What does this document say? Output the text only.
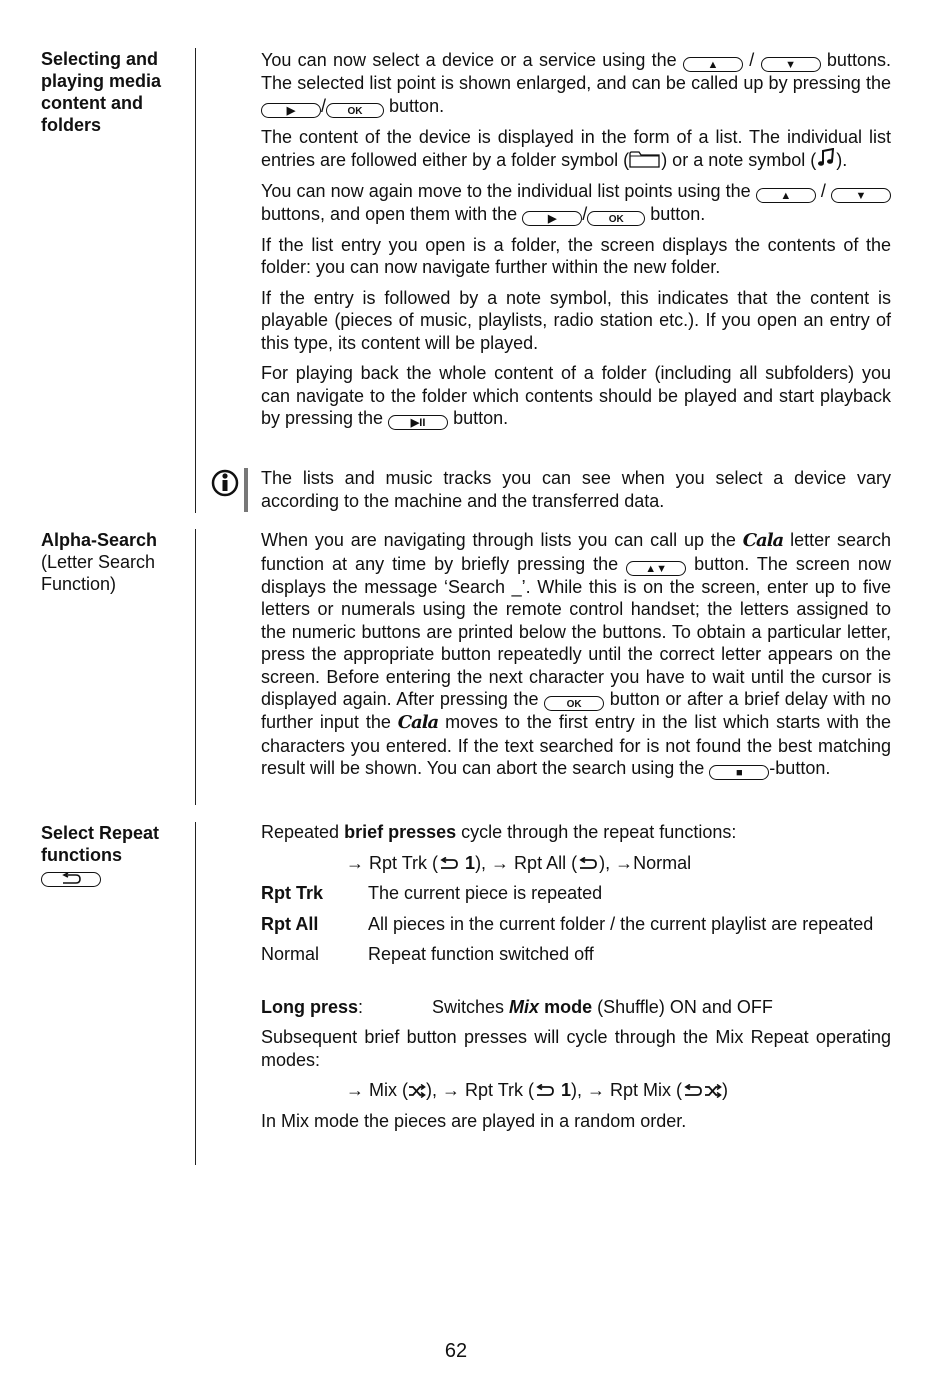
Selecting and playing media content and folders

You can now select a device or a service using the	▲ / ▼ buttons. The selected list point is shown enlarged, and can be called up by pressing the ▶ / OK button.

The content of the device is displayed in the form of a list. The individual list entries are followed either by a folder symbol ( ) or a note symbol ( ).

You can now again move to the individual list points using the	▲ / ▼ buttons, and open them with the	▶ / OK button.

If the list entry you open is a folder, the screen displays the contents of the folder: you can now navigate further within the new folder.

If the entry is followed by a note symbol, this indicates that the content is playable (pieces of music, playlists, radio station etc.). If you open an entry of this type, its content will be played.

For playing back the whole content of a folder (including all subfolders) you can navigate to the folder which contents should be played and start playback by pressing the	▶II button.

The lists and music tracks you can see when you select a device vary according to the machine and the transferred data.

Alpha-Search
(Letter Search Function)

When you are navigating through lists you can call up the Cala letter search function at any time by briefly pressing the ▲▼ button. The screen now displays the message ‘Search _’. While this is on the screen, enter up to five letters or numerals using the remote control handset; the letters assigned to the numeric buttons are printed below the buttons. To obtain a particular letter, press the appropriate button repeatedly until the correct letter appears on the screen. Before entering the next character you have to wait until the cursor is displayed again. After pressing the	OK button or after a brief delay with no further input the Cala moves to the first entry in the list which starts with the characters you entered. If the text searched for is not found the best matching result will be shown. You can abort the search using the	■ -button.

Select Repeat functions

Repeated brief presses cycle through the repeat functions:

→ Rpt Trk ( 1), → Rpt All ( ), →Normal

Rpt Trk	The current piece is repeated
Rpt All	All pieces in the current folder / the current playlist are repeated
Normal	Repeat function switched off
Long press:	Switches Mix mode (Shuffle) ON and OFF

Subsequent brief button presses will cycle through the Mix Repeat operating modes:

→ Mix ( ), → Rpt Trk ( 1), → Rpt Mix ( )

In Mix mode the pieces are played in a random order.

62
